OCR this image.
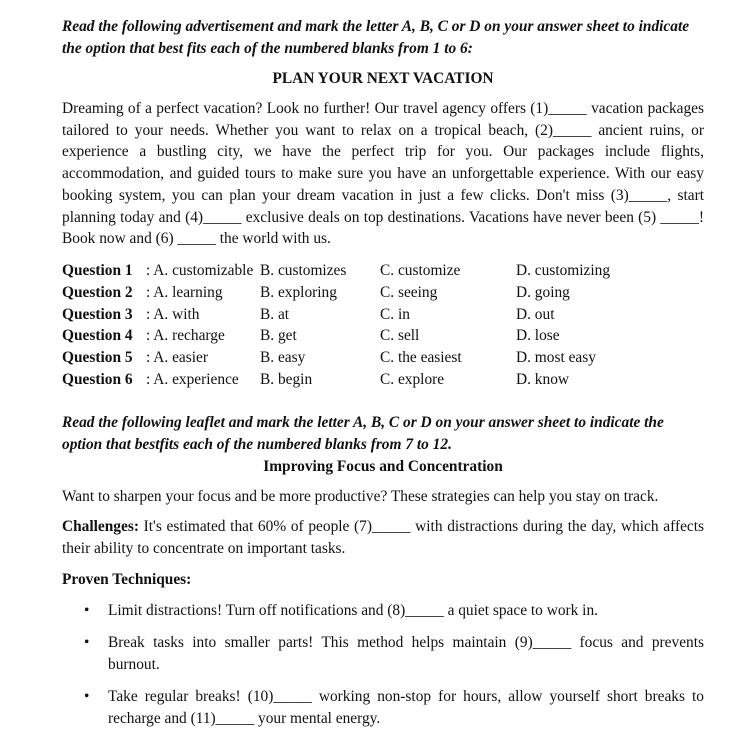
Read the following advertisement and mark the letter A, B, C or D on your answer sheet to indicate the option that best fits each of the numbered blanks from 1 to 6:

PLAN YOUR NEXT VACATION

Dreaming of a perfect vacation? Look no further! Our travel agency offers (1)_____ vacation packages tailored to your needs. Whether you want to relax on a tropical beach, (2)_____ ancient ruins, or experience a bustling city, we have the perfect trip for you. Our packages include flights, accommodation, and guided tours to make sure you have an unforgettable experience. With our easy booking system, you can plan your dream vacation in just a few clicks. Don't miss (3)_____, start planning today and (4)_____ exclusive deals on top destinations. Vacations have never been (5) _____! Book now and (6) _____ the world with us.

Question 1 : A. customizable B. customizes C. customize	D. customizing
Question 2 : A. learning B. exploring	C. seeing	D. going
Question 3 : A. with	B. at	C. in	D. out
Question 4 : A. recharge B. get	C. sell	D. lose
Question 5 : A. easier	B. easy	C. the easiest	D. most easy
Question 6 : A. experience B. begin	C. explore	D. know

Read the following leaflet and mark the letter A, B, C or D on your answer sheet to indicate the option that bestfits each of the numbered blanks from 7 to 12.

Improving Focus and Concentration

Want to sharpen your focus and be more productive? These strategies can help you stay on track.

Challenges: It's estimated that 60% of people (7)_____ with distractions during the day, which affects their ability to concentrate on important tasks.

Proven Techniques:
• Limit distractions! Turn off notifications and (8)_____ a quiet space to work in.
• Break tasks into smaller parts! This method helps maintain (9)_____ focus and prevents burnout.
• Take regular breaks! (10)_____ working non-stop for hours, allow yourself short breaks to recharge and (11)_____ your mental energy.
